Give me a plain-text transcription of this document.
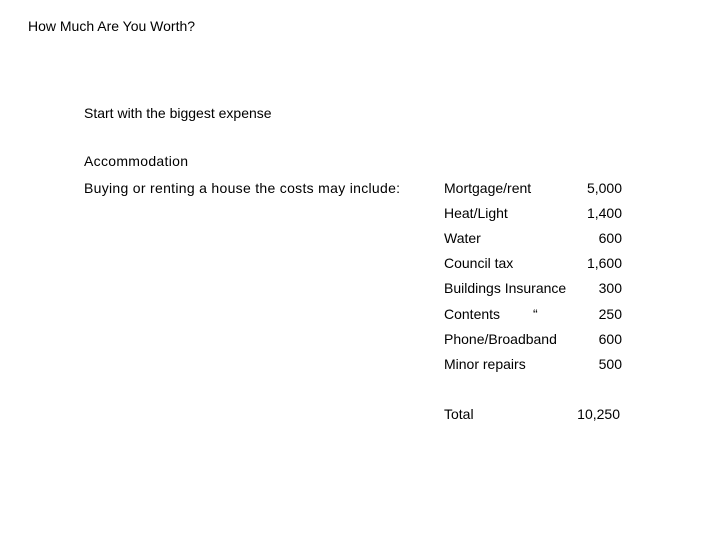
How Much Are You Worth?
Start with the biggest expense
Accommodation
Buying or renting a house the costs may include:	Mortgage/rent	5,000
Heat/Light	1,400
Water	600
Council tax	1,600
Buildings Insurance	300
Contents “	250
Phone/Broadband	600
Minor repairs	500
Total	10,250
